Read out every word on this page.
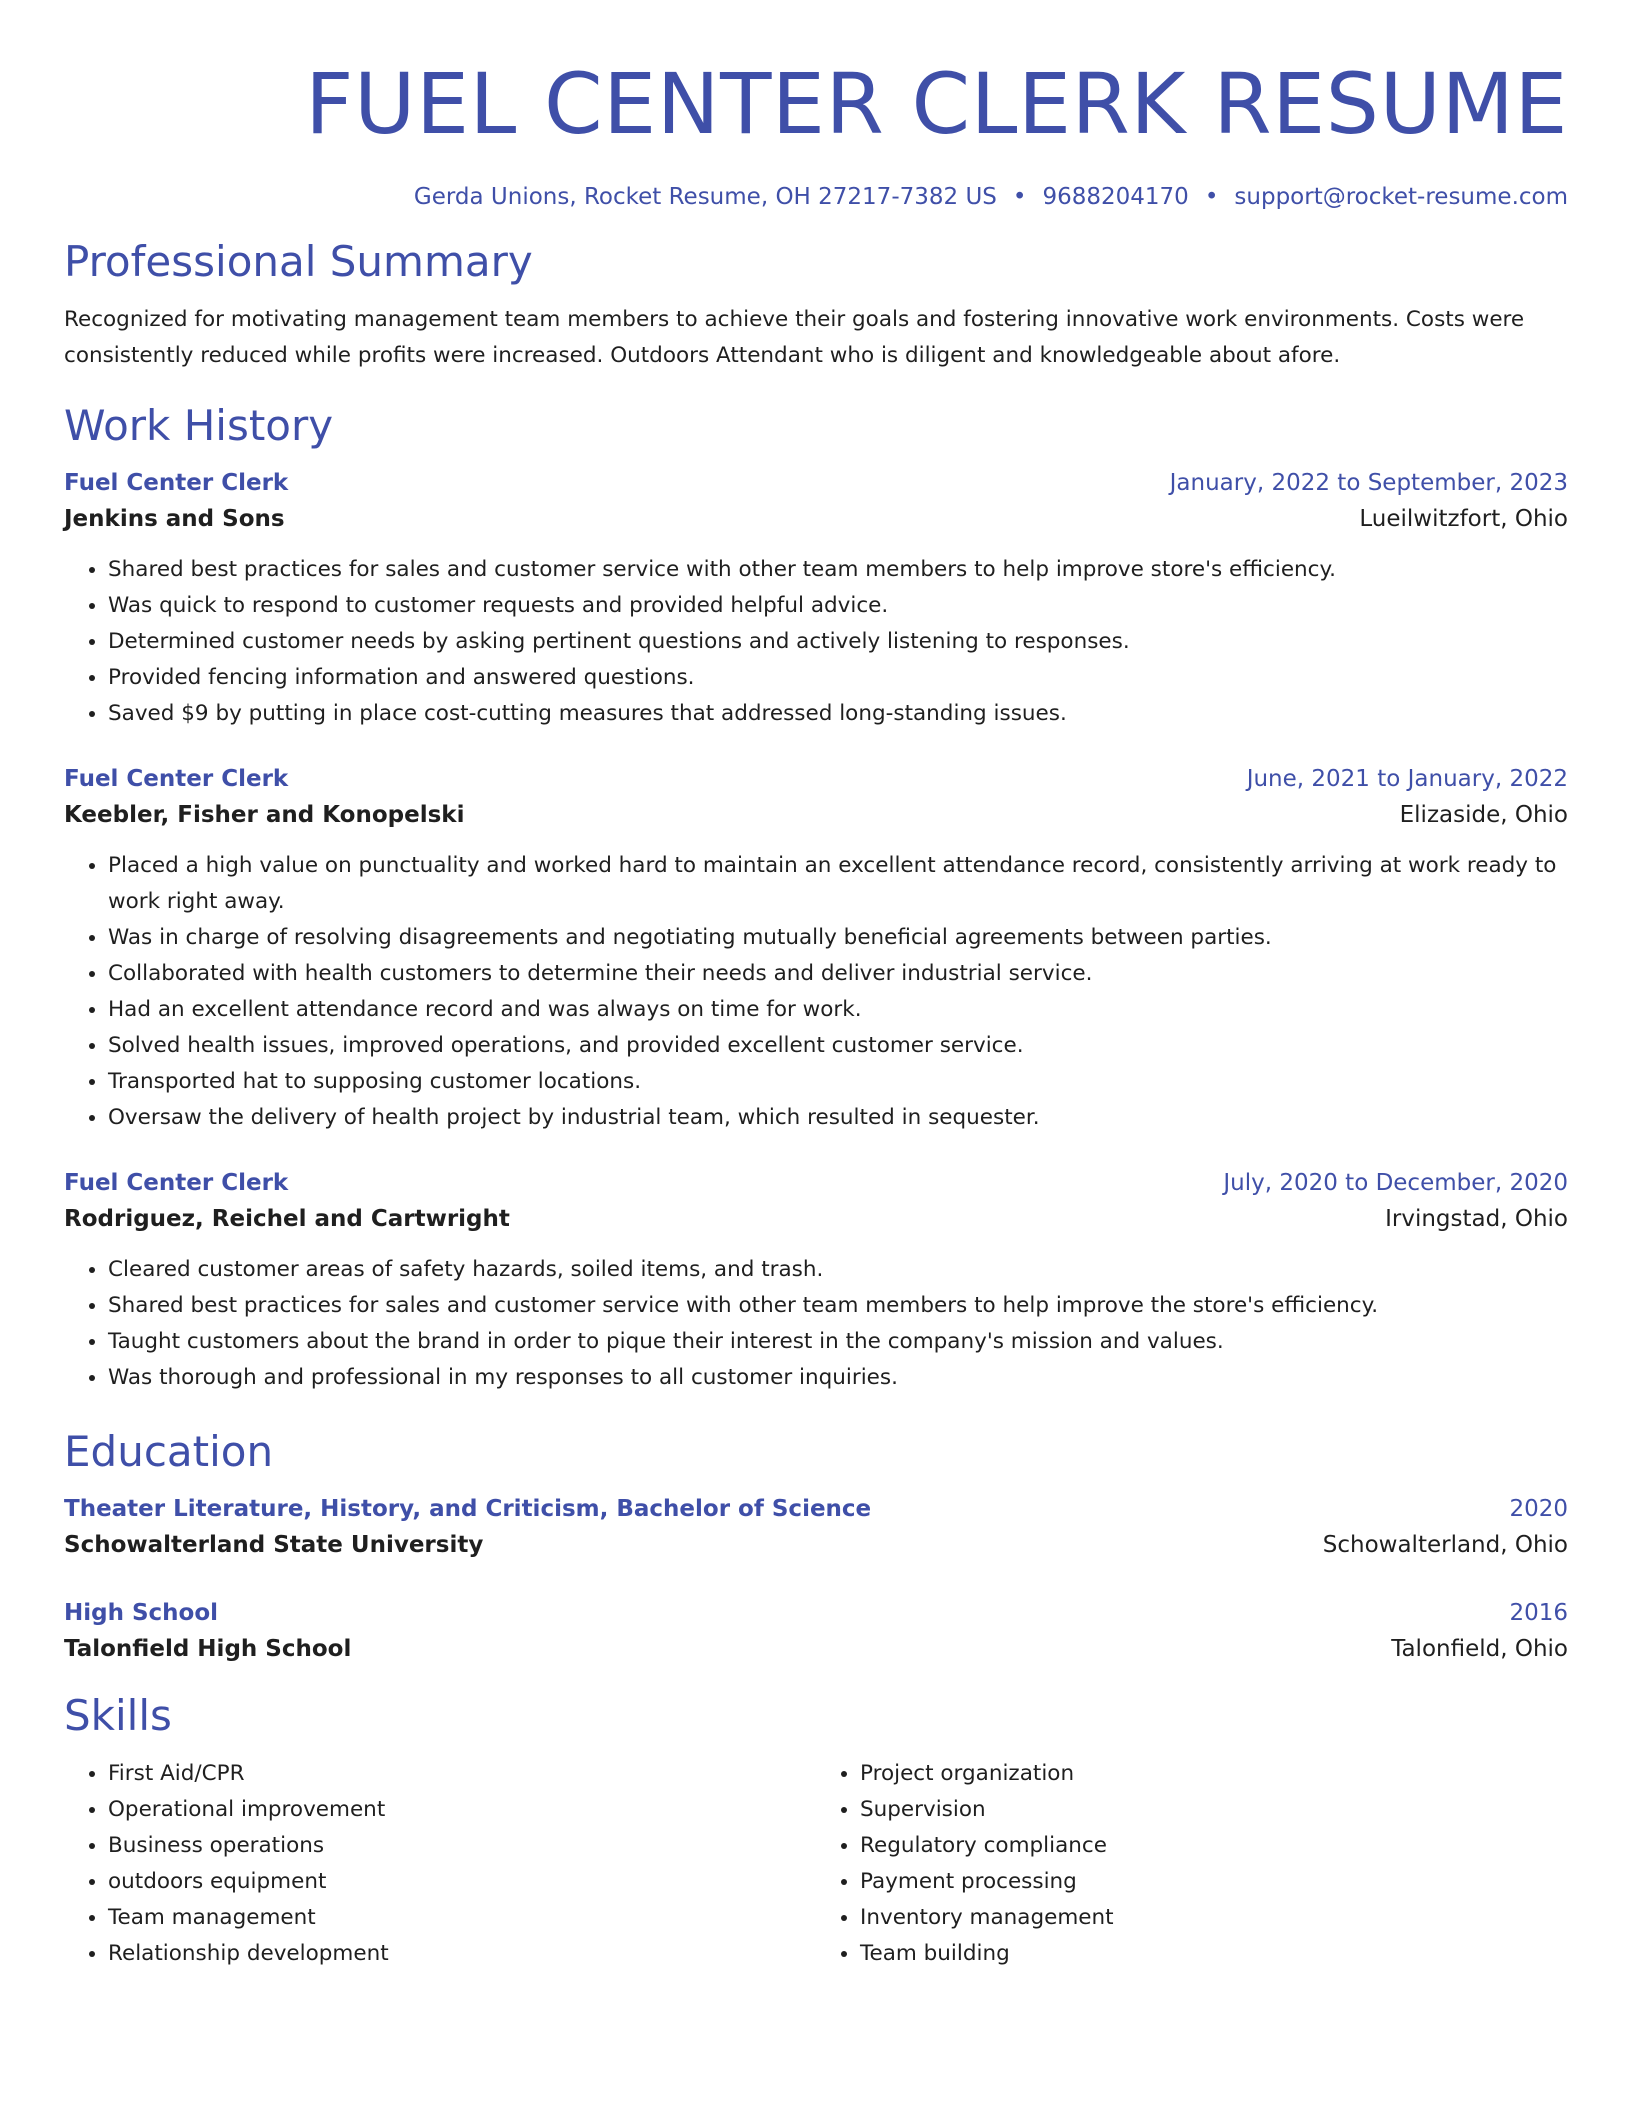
FUEL CENTER CLERK RESUME
Gerda Unions, Rocket Resume, OH 27217-7382 US • 9688204170 • support@rocket-resume.com
Professional Summary

Recognized for motivating management team members to achieve their goals and fostering innovative work environments. Costs were consistently reduced while profits were increased. Outdoors Attendant who is diligent and knowledgeable about afore.

Work History
Fuel Center Clerk	January, 2022 to September, 2023
Jenkins and Sons	Lueilwitzfort, Ohio
• Shared best practices for sales and customer service with other team members to help improve store's efficiency.
• Was quick to respond to customer requests and provided helpful advice.
• Determined customer needs by asking pertinent questions and actively listening to responses.
• Provided fencing information and answered questions.
• Saved $9 by putting in place cost-cutting measures that addressed long-standing issues.
Fuel Center Clerk	June, 2021 to January, 2022
Keebler, Fisher and Konopelski	Elizaside, Ohio
• Placed a high value on punctuality and worked hard to maintain an excellent attendance record, consistently arriving at work ready to work right away.
• Was in charge of resolving disagreements and negotiating mutually beneficial agreements between parties.
• Collaborated with health customers to determine their needs and deliver industrial service.
• Had an excellent attendance record and was always on time for work.
• Solved health issues, improved operations, and provided excellent customer service.
• Transported hat to supposing customer locations.
• Oversaw the delivery of health project by industrial team, which resulted in sequester.
Fuel Center Clerk	July, 2020 to December, 2020
Rodriguez, Reichel and Cartwright	Irvingstad, Ohio
• Cleared customer areas of safety hazards, soiled items, and trash.
• Shared best practices for sales and customer service with other team members to help improve the store's efficiency.
• Taught customers about the brand in order to pique their interest in the company's mission and values.
• Was thorough and professional in my responses to all customer inquiries.
Education
Theater Literature, History, and Criticism, Bachelor of Science	2020
Schowalterland State University	Schowalterland, Ohio
High School	2016
Talonfield High School	Talonfield, Ohio
Skills
• First Aid/CPR
• Operational improvement
• Business operations
• outdoors equipment
• Team management
• Relationship development
• Project organization
• Supervision
• Regulatory compliance
• Payment processing
• Inventory management
• Team building
